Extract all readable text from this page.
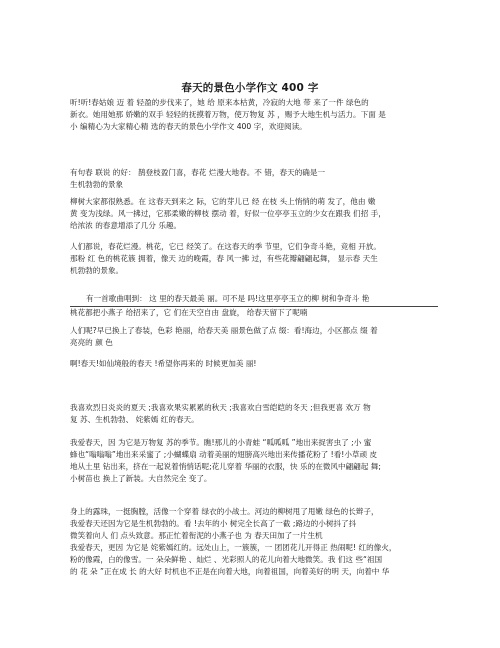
春天的景色小学作文 400 字
听!听!春姑娘 迈 着 轻盈的步伐来了，她 给 原来本枯黄，冷寂的大地 带 来了一件 绿色的
新衣。她用她那 娇嫩的双手 轻轻的抚摸着万物，使万物复 苏 ，赐予大地生机与活力。下面 是
小 编精心为大家精心精 选的春天的景色小学作文 400 字，欢迎阅读。
有句春 联说 的好： 鹊登枝盈门喜，春花 烂漫大地春。不 错，春天的确是一
生机勃勃的景象
柳树大家都很熟悉。在 这春天到来之 际，它的芽儿已 经 在枝 头上悄悄的萌 发了，他由 嫩
黄 变为浅绿。风一拂过，它那柔嫩的柳枝 摆动 着，好似一位亭亭玉立的少女在跟我 们招 手，
给浓浓 的春意增添了几分 乐趣。
人们都说，春花烂漫。桃花，它已 经笑了。在这春天的季 节里，它们争奇斗艳，竞相 开放。
那粉 红 色的桃花簇 拥着，像天 边的晚霞，春 风一拂 过，有些花瓣翩翩起舞， 显示春 天生
机勃勃的景象。
有一首歌曲唱到： 这 里的春天最美 丽。可不是 吗!这里亭亭玉立的柳 树和争奇斗 艳
桃花都把小燕子 给招来了，它 们在天空自由 盘旋， 给春天留下了呢喃
人们呢?早已换上了春装，色彩 艳丽，给春天美 丽景色做了点 缀：看!海边，小区都点 缀 着
亮亮的 颜 色
啊!春天!如仙境般的春天 !希望你再来的 时候更加美 丽!
我喜欢烈日炎炎的夏天 ;我喜欢果实累累的秋天 ;我喜欢白雪皑皑的冬天 ;但我更喜 欢万 物
复 苏、生机勃勃、 姹紫嫣 红的春天。
我爱春天，因 为它是万物复 苏的季节。瞧!那儿的小青蛙 “呱呱呱 ”地出来捉害虫了 ;小 蜜
蜂也“嗡嗡嗡”地出来采蜜了 ;小蝴蝶扇 动着美丽的翅膀高兴地出来传播花粉了 !看!小草顽 皮
地从土里 钻出来，挤在一起说着悄悄话呢;花儿穿着 华丽的衣服，快 乐的在微风中翩翩起 舞;
小树苗也 换上了新装。大自然完全 变了。
身上的露珠，一挺胸膛，活像一个穿着 绿衣的小战士。河边的柳树甩了甩嫩 绿色的长辫子，
我爱春天还因为它是生机勃勃的。看 !去年的小 树完全长高了一截 ;路边的小树抖了抖
微笑着向人 们 点头致意。那正忙着衔泥的小燕子也 为 春天田加了一片生机
我爱春天，更因 为它是 姹紫嫣红的。远处山上，一簇簇，一 团团花儿开得正 热闹呢! 红的像火，
粉的像霞，白的像雪。一 朵朵鲜艳 、灿烂 、光彩照人的花儿向着大地微笑。我 们这 些“祖国
的 花 朵 ”正在成 长 的大好 时机也不正是在向着大地，向着祖国，向着美好的明 天，向着中 华
